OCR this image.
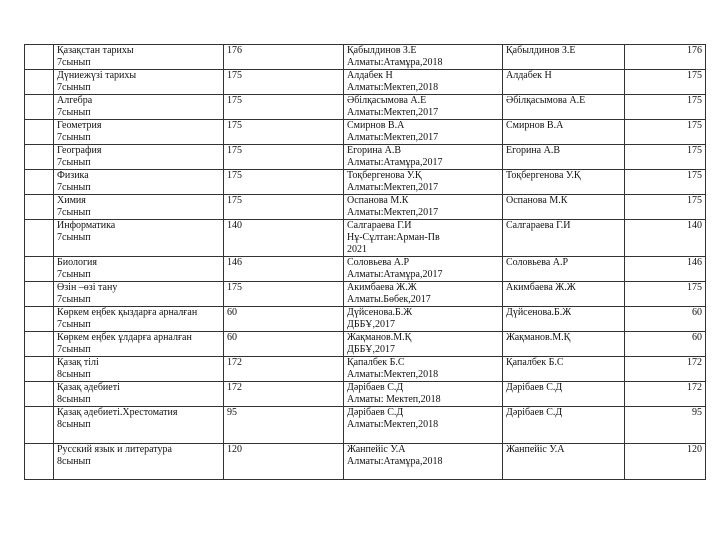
	Қазақстан тарихы
7сынып	176	Қабылдинов З.Е
Алматы:Атамұра,2018	Қабылдинов З.Е	176

	Дүниежүзі тарихы
7сынып	175	Алдабек Н
Алматы:Мектеп,2018	Алдабек Н	175

	Алгебра
7сынып	175	Әбілқасымова А.Е
Алматы:Мектеп,2017	Әбілқасымова А.Е	175

	Геометрия
7сынып	175	Смирнов В.А
Алматы:Мектеп,2017	Смирнов В.А	175

	География
7сынып	175	Егорина А.В
Алматы:Атамұра,2017	Егорина А.В	175

	Физика
7сынып	175	Тоқбергенова У.Қ
Алматы:Мектеп,2017	Тоқбергенова У.Қ	175

	Химия
7сынып	175	Оспанова М.К
Алматы:Мектеп,2017	Оспанова М.К	175

	Информатика
7сынып	140	Салгараева Г.И
Нұ-Сұлтан:Арман-Пв
2021	Салгараева Г.И	140

	Биология
7сынып	146	Соловьева А.Р
Алматы:Атамұра,2017	Соловьева А.Р	146

	Өзін –өзі тану
7сынып	175	Акимбаева Ж.Ж
Алматы.Бөбек,2017	Акимбаева Ж.Ж	175

	Көркем еңбек қыздарға арналған
7сынып	60	Дүйсенова.Б.Ж
ДББҰ,2017	Дүйсенова.Б.Ж	60

	Көркем еңбек ұлдарға арналған
7сынып	60	Жақманов.М.Қ
ДББҰ,2017	Жақманов.М.Қ	60

	Қазақ тілі
8сынып	172	Қапалбек Б.С
Алматы:Мектеп,2018	Қапалбек Б.С	172

	Қазақ әдебиеті
8сынып	172	Дәрібаев С.Д
Алматы: Мектеп,2018	Дәрібаев С.Д	172

	Қазақ әдебиеті.Хрестоматия
8сынып	95	Дәрібаев С.Д
Алматы:Мектеп,2018	Дәрібаев С.Д	95

	Русский язык и литература
8сынып	120	Жанпейіс У.А
Алматы:Атамұра,2018	Жанпейіс У.А	120
